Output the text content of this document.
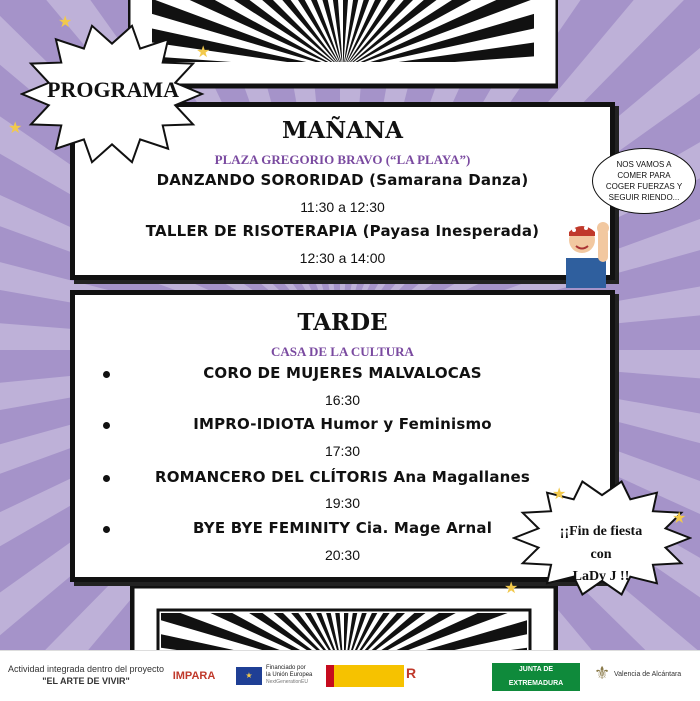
MAÑANA
PLAZA GREGORIO BRAVO (“LA PLAYA”)
DANZANDO SORORIDAD (Samarana Danza)
11:30 a 12:30
TALLER DE RISOTERAPIA (Payasa Inesperada)
12:30 a 14:00
TARDE
CASA DE LA CULTURA
CORO DE MUJERES MALVALOCAS
16:30
IMPRO-IDIOTA Humor y Feminismo
17:30
ROMANCERO DEL CLÍTORIS Ana Magallanes
19:30
BYE BYE FEMINITY Cia. Mage Arnal
20:30
PROGRAMA
¡¡Fin de fiesta
con
LaDy J !!
NOS VAMOS A COMER PARA COGER FUERZAS Y SEGUIR RIENDO...
★
★
★
★
★
★
Actividad integrada dentro del proyecto
"EL ARTE DE VIVIR"	IMPARA	★
Financiado por
la Unión Europea
NextGenerationEU
R	JUNTA DE EXTREMADURA
⚜ Valencia de Alcántara
